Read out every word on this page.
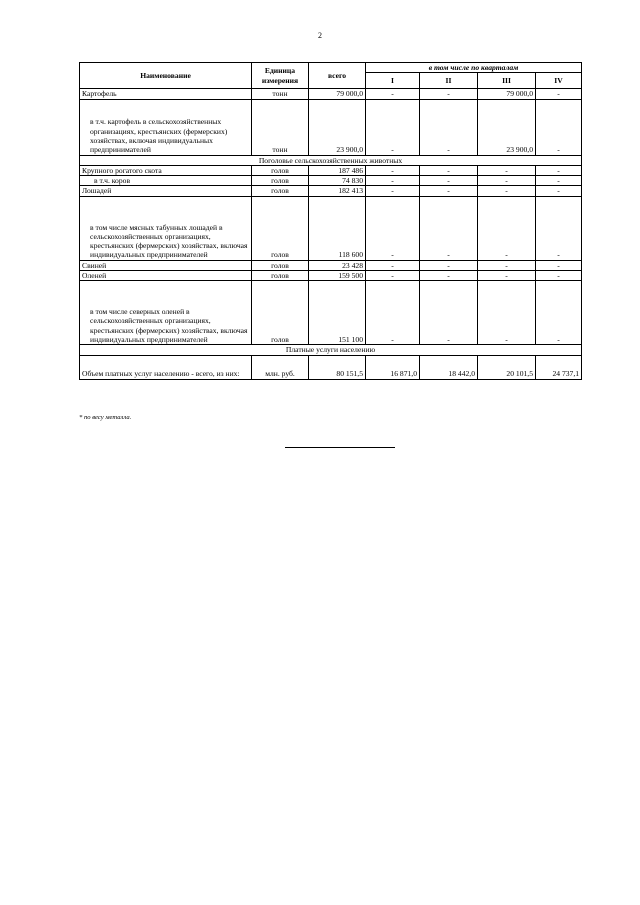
2
Наименование	Единица измерения	всего	в том числе по кварталам			
			I	II	III	IV
Картофель	тонн	79 000,0	-	-	79 000,0	-
в т.ч. картофель в сельскохозяйственных организациях, крестьянских (фермерских) хозяйствах, включая индивидуальных предпринимателей	тонн	23 900,0	-	-	23 900,0	-
Поголовье сельскохозяйственных животных						
Крупного рогатого скота	голов	187 486	-	-	-	-
в т.ч. коров	голов	74 830	-	-	-	-
Лошадей	голов	182 413	-	-	-	-
в том числе мясных табунных лошадей в сельскохозяйственных организациях, крестьянских (фермерских) хозяйствах, включая индивидуальных предпринимателей	голов	118 600	-	-	-	-
Свиней	голов	23 428	-	-	-	-
Оленей	голов	159 500	-	-	-	-
в том числе северных оленей в сельскохозяйственных организациях, крестьянских (фермерских) хозяйствах, включая индивидуальных предпринимателей	голов	151 100	-	-	-	-
Платные услуги населению						
Объем платных услуг населению - всего, из них:	млн. руб.	80 151,5	16 871,0	18 442,0	20 101,5	24 737,1
* по весу металла.
